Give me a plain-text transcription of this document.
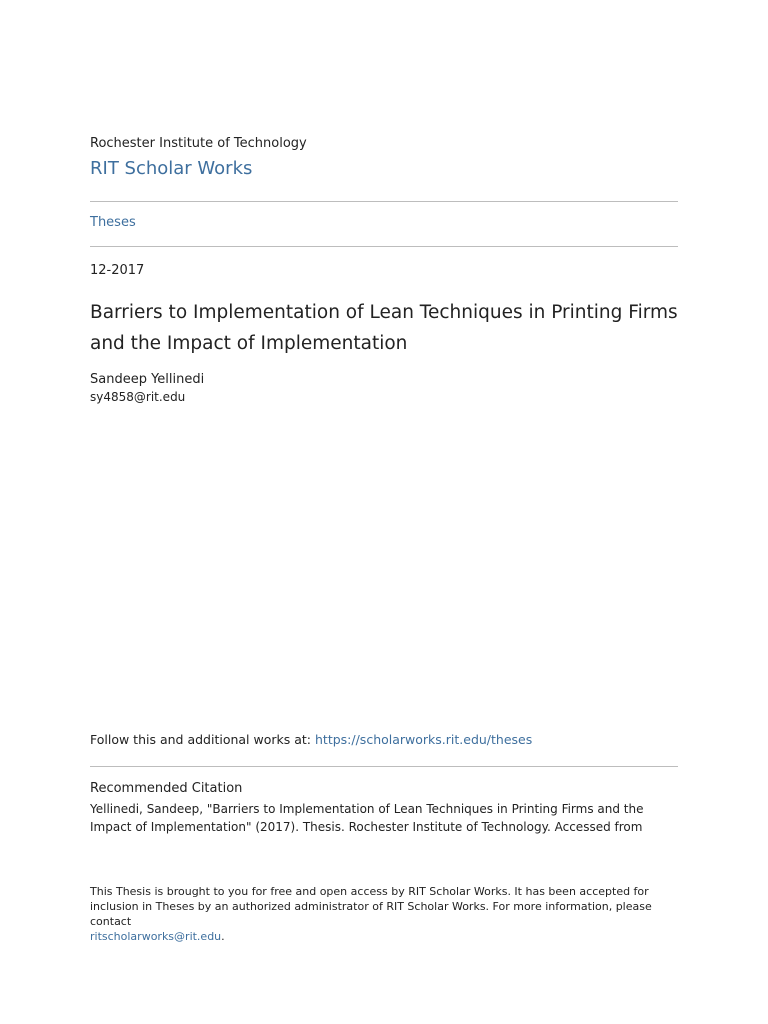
Rochester Institute of Technology
RIT Scholar Works
Theses
12-2017
Barriers to Implementation of Lean Techniques in Printing Firms and the Impact of Implementation
Sandeep Yellinedi
sy4858@rit.edu
Follow this and additional works at: https://scholarworks.rit.edu/theses
Recommended Citation
Yellinedi, Sandeep, "Barriers to Implementation of Lean Techniques in Printing Firms and the Impact of Implementation" (2017). Thesis. Rochester Institute of Technology. Accessed from
This Thesis is brought to you for free and open access by RIT Scholar Works. It has been accepted for inclusion in Theses by an authorized administrator of RIT Scholar Works. For more information, please contact
ritscholarworks@rit.edu.
